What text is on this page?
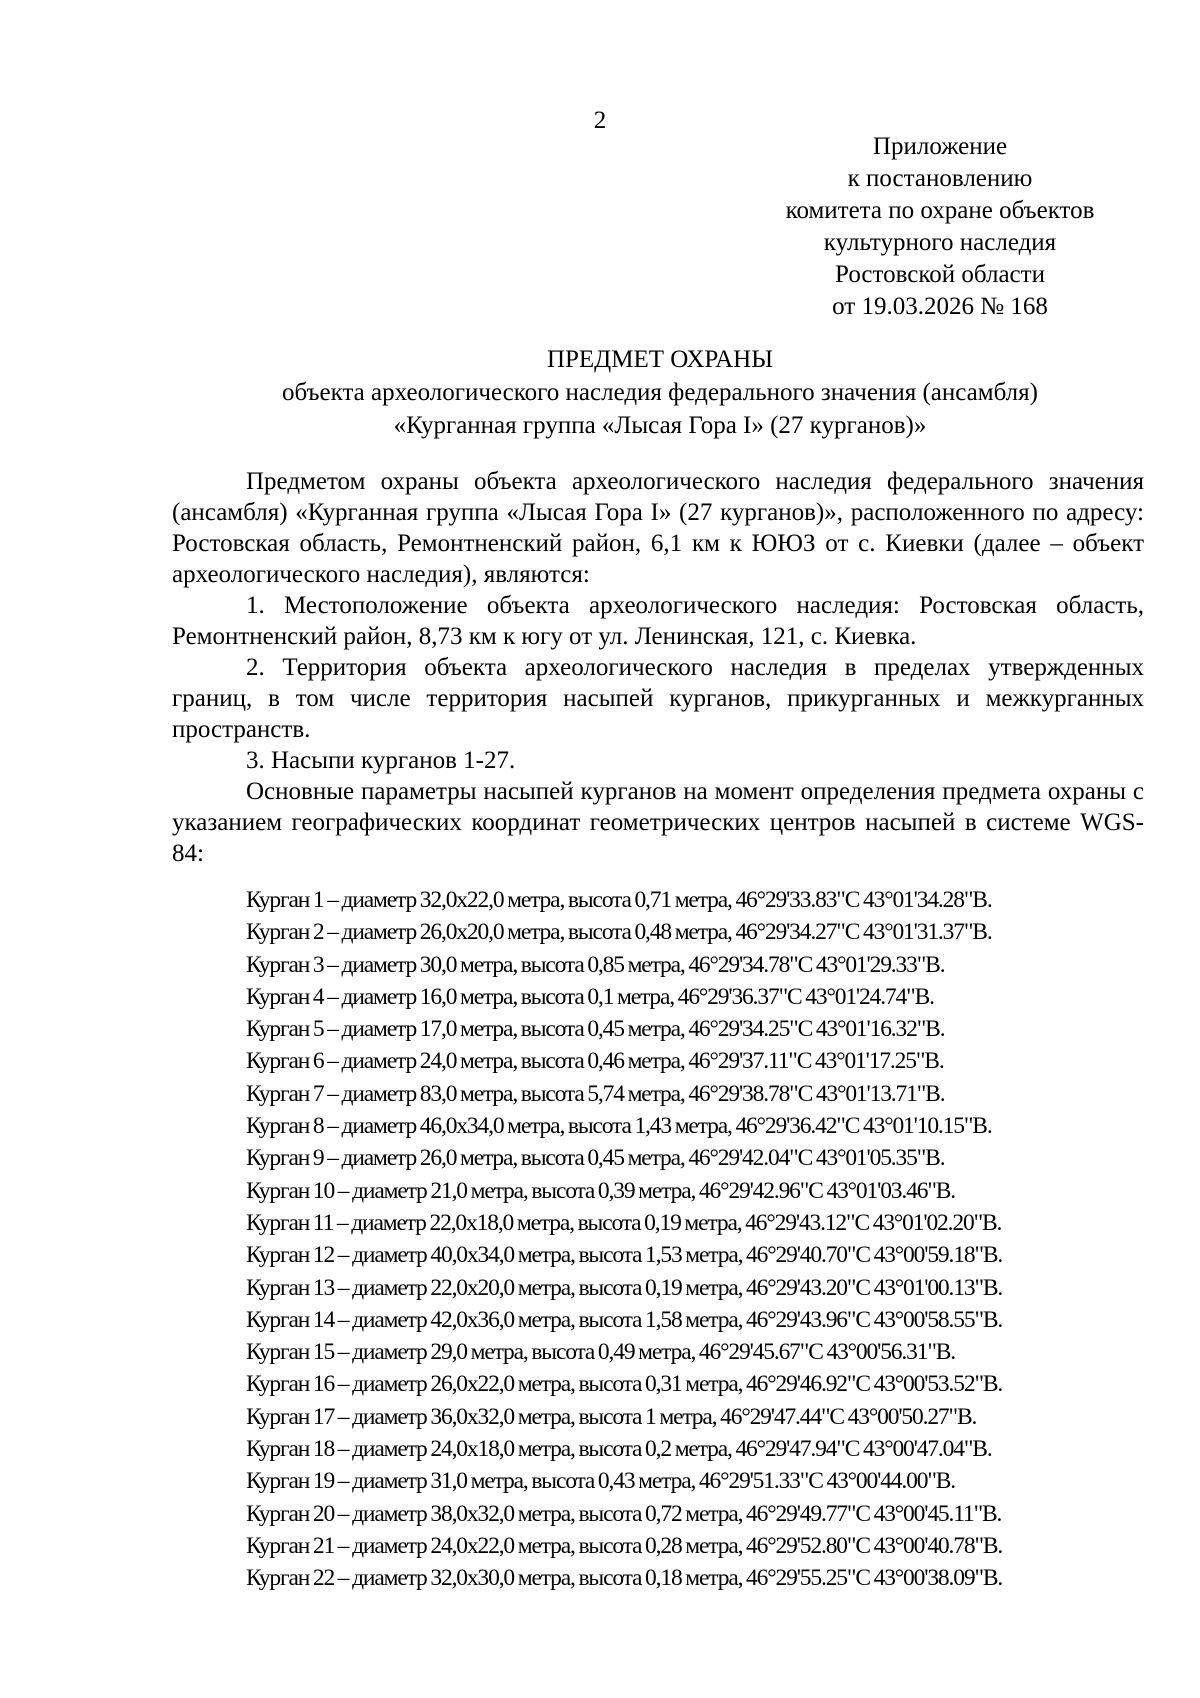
2
Приложение
к постановлению
комитета по охране объектов
культурного наследия
Ростовской области
от 19.03.2026 № 168
ПРЕДМЕТ ОХРАНЫ
объекта археологического наследия федерального значения (ансамбля)
«Курганная группа «Лысая Гора I» (27 курганов)»

Предметом охраны объекта археологического наследия федерального значения (ансамбля) «Курганная группа «Лысая Гора I» (27 курганов)», расположенного по адресу: Ростовская область, Ремонтненский район, 6,1 км к ЮЮЗ от с. Киевки (далее – объект археологического наследия), являются:

1. Местоположение объекта археологического наследия: Ростовская область, Ремонтненский район, 8,73 км к югу от ул. Ленинская, 121, с. Киевка.

2. Территория объекта археологического наследия в пределах утвержденных границ, в том числе территория насыпей курганов, прикурганных и межкурганных пространств.

3. Насыпи курганов 1-27.

Основные параметры насыпей курганов на момент определения предмета охраны с указанием географических координат геометрических центров насыпей в системе WGS-84:

Курган 1 – диаметр 32,0х22,0 метра, высота 0,71 метра, 46°29'33.83"С 43°01'34.28"В.
Курган 2 – диаметр 26,0х20,0 метра, высота 0,48 метра, 46°29'34.27"С 43°01'31.37"В.
Курган 3 – диаметр 30,0 метра, высота 0,85 метра, 46°29'34.78"С 43°01'29.33"В.
Курган 4 – диаметр 16,0 метра, высота 0,1 метра, 46°29'36.37"С 43°01'24.74"В.
Курган 5 – диаметр 17,0 метра, высота 0,45 метра, 46°29'34.25"С 43°01'16.32"В.
Курган 6 – диаметр 24,0 метра, высота 0,46 метра, 46°29'37.11"С 43°01'17.25"В.
Курган 7 – диаметр 83,0 метра, высота 5,74 метра, 46°29'38.78"С 43°01'13.71"В.
Курган 8 – диаметр 46,0х34,0 метра, высота 1,43 метра, 46°29'36.42"С 43°01'10.15"В.
Курган 9 – диаметр 26,0 метра, высота 0,45 метра, 46°29'42.04"С 43°01'05.35"В.
Курган 10 – диаметр 21,0 метра, высота 0,39 метра, 46°29'42.96"С 43°01'03.46"В.
Курган 11 – диаметр 22,0х18,0 метра, высота 0,19 метра, 46°29'43.12"С 43°01'02.20"В.
Курган 12 – диаметр 40,0х34,0 метра, высота 1,53 метра, 46°29'40.70"С 43°00'59.18"В.
Курган 13 – диаметр 22,0х20,0 метра, высота 0,19 метра, 46°29'43.20"С 43°01'00.13"В.
Курган 14 – диаметр 42,0х36,0 метра, высота 1,58 метра, 46°29'43.96"С 43°00'58.55"В.
Курган 15 – диаметр 29,0 метра, высота 0,49 метра, 46°29'45.67"С 43°00'56.31"В.
Курган 16 – диаметр 26,0х22,0 метра, высота 0,31 метра, 46°29'46.92"С 43°00'53.52"В.
Курган 17 – диаметр 36,0х32,0 метра, высота 1 метра, 46°29'47.44"С 43°00'50.27"В.
Курган 18 – диаметр 24,0х18,0 метра, высота 0,2 метра, 46°29'47.94"С 43°00'47.04"В.
Курган 19 – диаметр 31,0 метра, высота 0,43 метра, 46°29'51.33"С 43°00'44.00"В.
Курган 20 – диаметр 38,0х32,0 метра, высота 0,72 метра, 46°29'49.77"С 43°00'45.11"В.
Курган 21 – диаметр 24,0х22,0 метра, высота 0,28 метра, 46°29'52.80"С 43°00'40.78"В.
Курган 22 – диаметр 32,0х30,0 метра, высота 0,18 метра, 46°29'55.25"С 43°00'38.09"В.
